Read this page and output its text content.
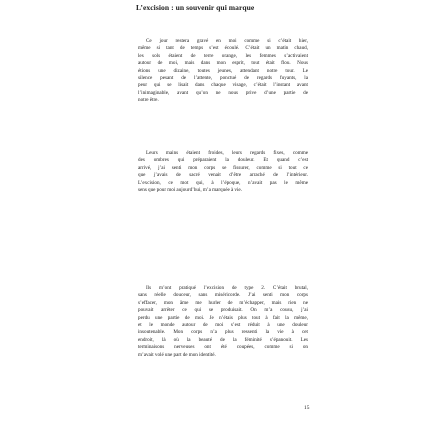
L’excision : un souvenir qui marque
Ce jour restera gravé en moi comme si c’était hier,
même si tant de temps s’est écoulé. C’était un matin chaud,
les sols étaient de terre orange, les femmes s’activaient
autour de moi, mais dans mon esprit, tout était flou. Nous
étions une dizaine, toutes jeunes, attendant notre tour. Le
silence pesant de l’attente, ponctué de regards fuyants, la
peur qui se lisait dans chaque visage, c’était l’instant avant
l’inimaginable, avant qu’on ne nous prive d’une partie de
notre être.
Leurs mains étaient froides, leurs regards fixes, comme
des ombres qui préparaient la douleur. Et quand c’est
arrivé, j’ai senti mon corps se fissurer, comme si tout ce
que j’avais de sacré venait d’être arraché de l’intérieur.
L’excision, ce mot qui, à l’époque, n’avait pas le même
sens que pour moi aujourd’hui, m’a marquée à vie.
Ils m’ont pratiqué l’excision de type 2. C’était brutal,
sans réelle douceur, sans miséricorde. J’ai senti mon corps
s’effacer, mon âme me hurler de m’échapper, mais rien ne
pouvait arrêter ce qui se produisait. On m’a cousu, j’ai
perdu une partie de moi. Je n’étais plus tout à fait la même,
et le monde autour de moi s’est réduit à une douleur
insoutenable. Mon corps n’a plus ressenti la vie à cet
endroit, là où la beauté de la féminité s’épanouit. Les
terminaisons nerveuses ont été coupées, comme si on
m’avait volé une part de mon identité.
15
